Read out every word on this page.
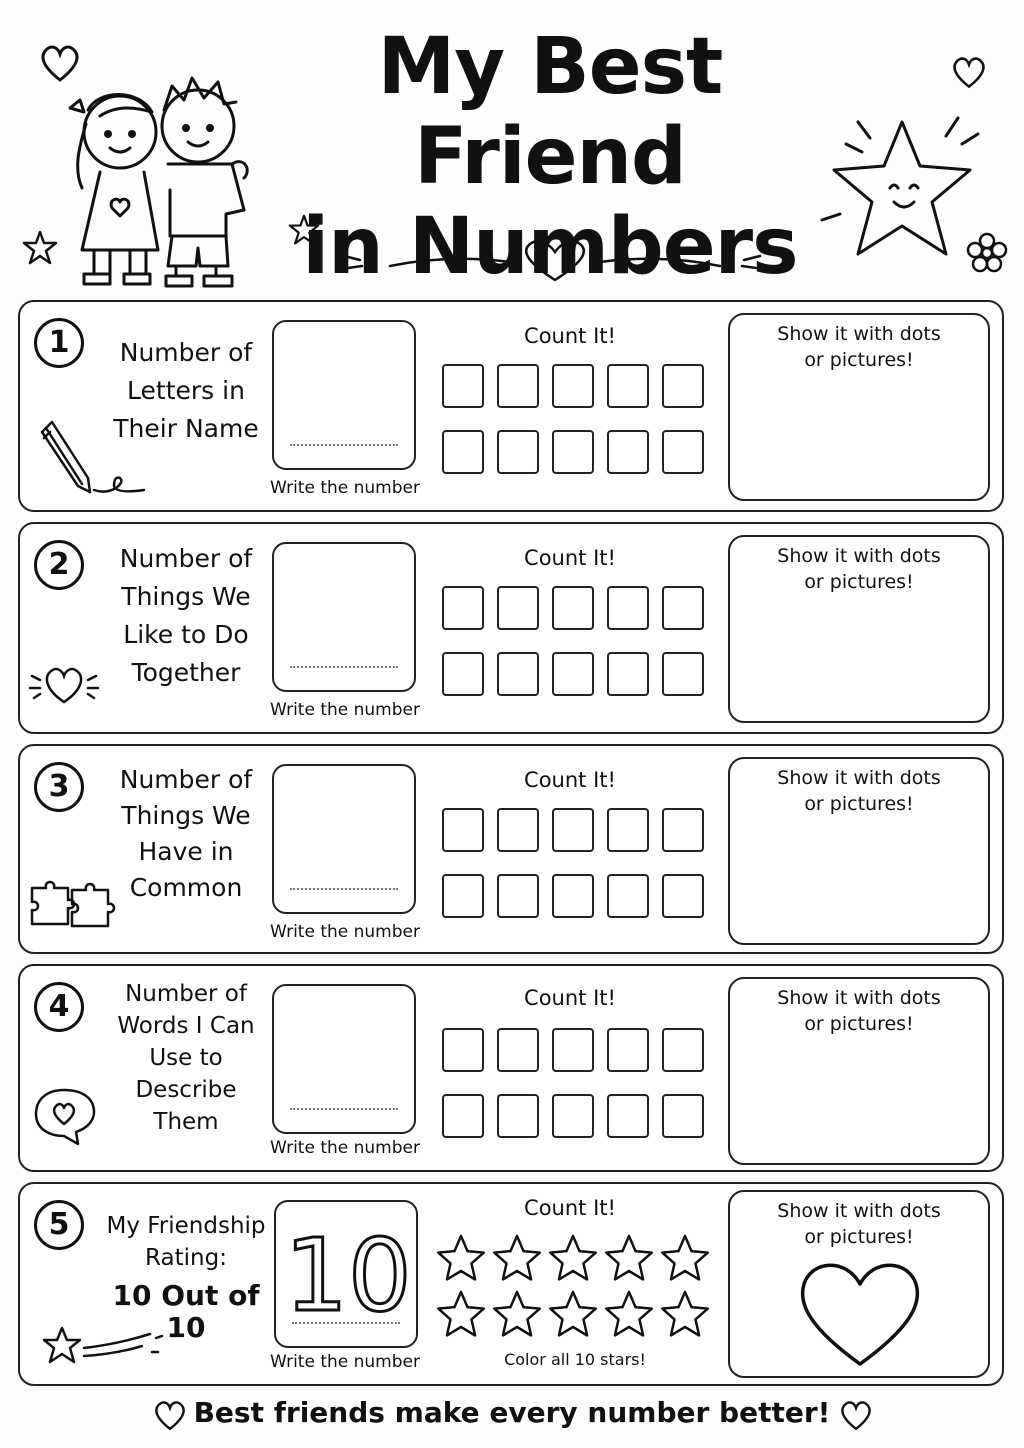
My Best Friend
in Numbers
1	Number of
Letters in
Their Name
Write the number
Count It!	Show it with dots
or pictures!
2	Number of
Things We
Like to Do
Together
Write the number
Count It!	Show it with dots
or pictures!
3	Number of
Things We
Have in
Common
Write the number
Count It!	Show it with dots
or pictures!
4	Number of
Words I Can
Use to
Describe
Them
Write the number
Count It!	Show it with dots
or pictures!
5	My Friendship
Rating:
10 Out of 10 10
Write the number
Count It!
Color all 10 stars!
Show it with dots
or pictures!
Best friends make every number better!
